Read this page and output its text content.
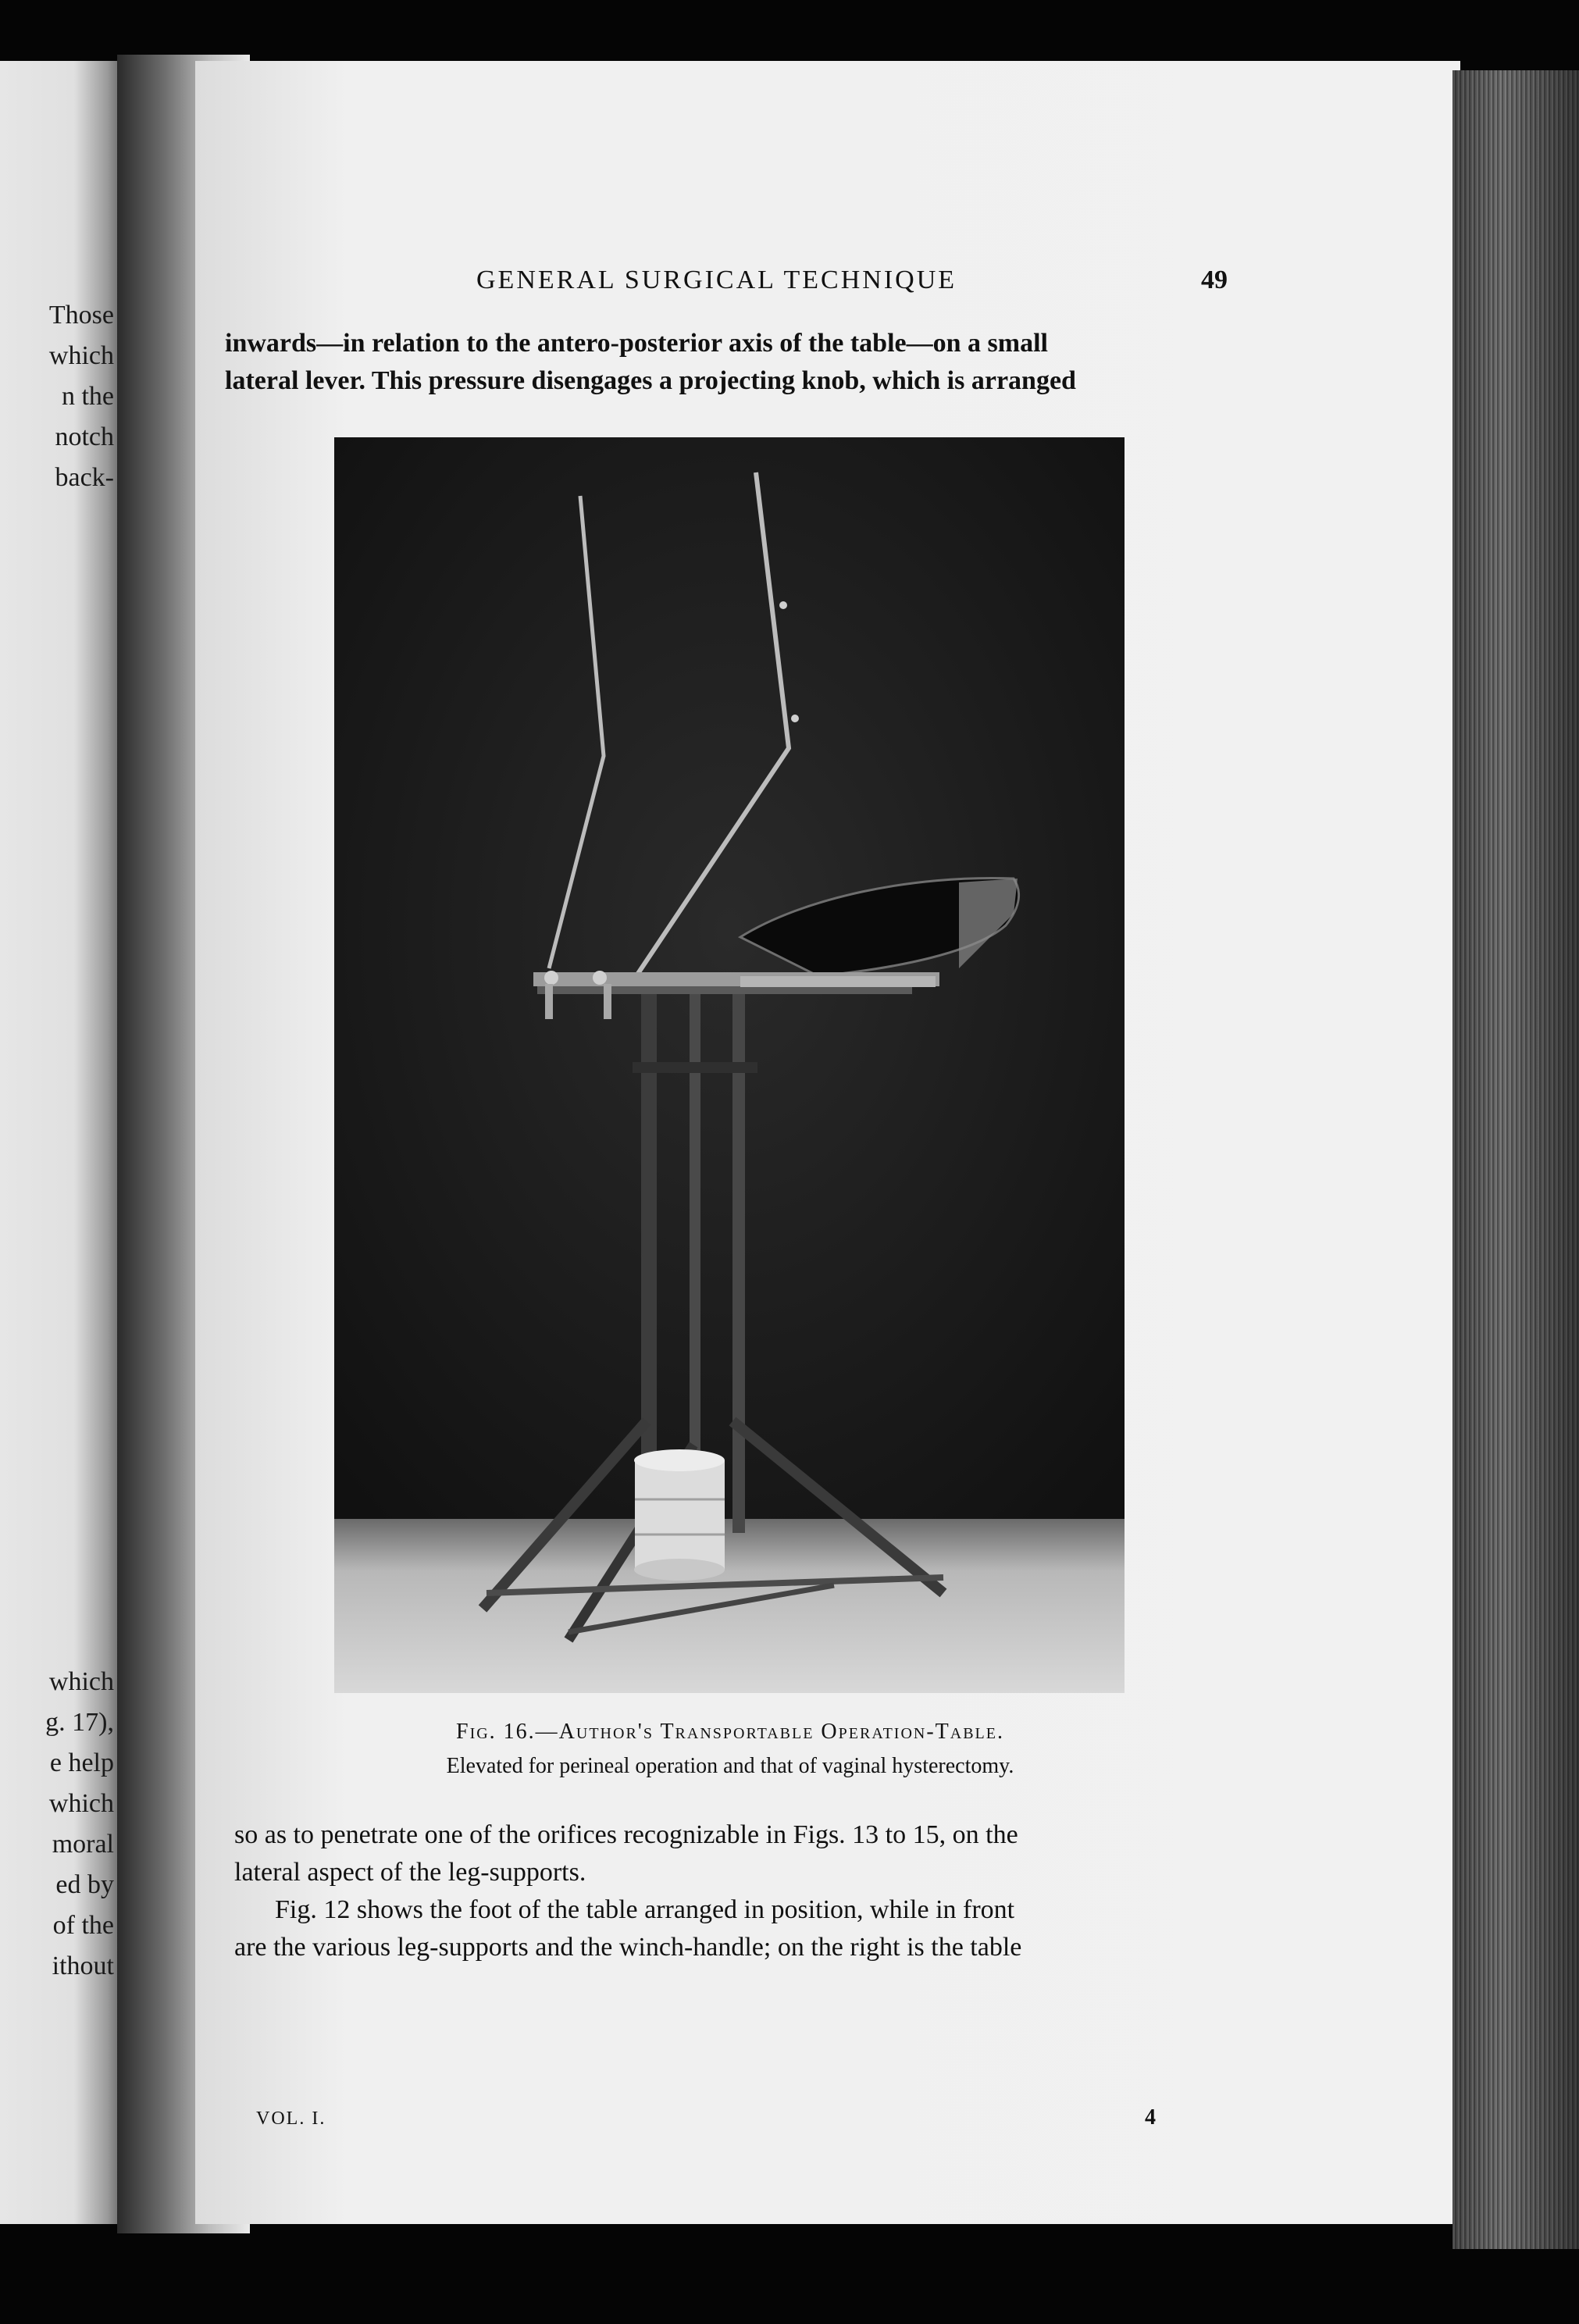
Those
which
n the
notch
back-

which
g. 17),
e help
which
moral
ed by
of the
ithout

GENERAL SURGICAL TECHNIQUE	49

inwards—in relation to the antero-posterior axis of the table—on a small
lateral lever. This pressure disengages a projecting knob, which is arranged

Fig. 16.—Author's Transportable Operation-Table.
Elevated for perineal operation and that of vaginal hysterectomy.

so as to penetrate one of the orifices recognizable in Figs. 13 to 15, on the
lateral aspect of the leg-supports.
Fig. 12 shows the foot of the table arranged in position, while in front
are the various leg-supports and the winch-handle; on the right is the table

VOL. I.	4
